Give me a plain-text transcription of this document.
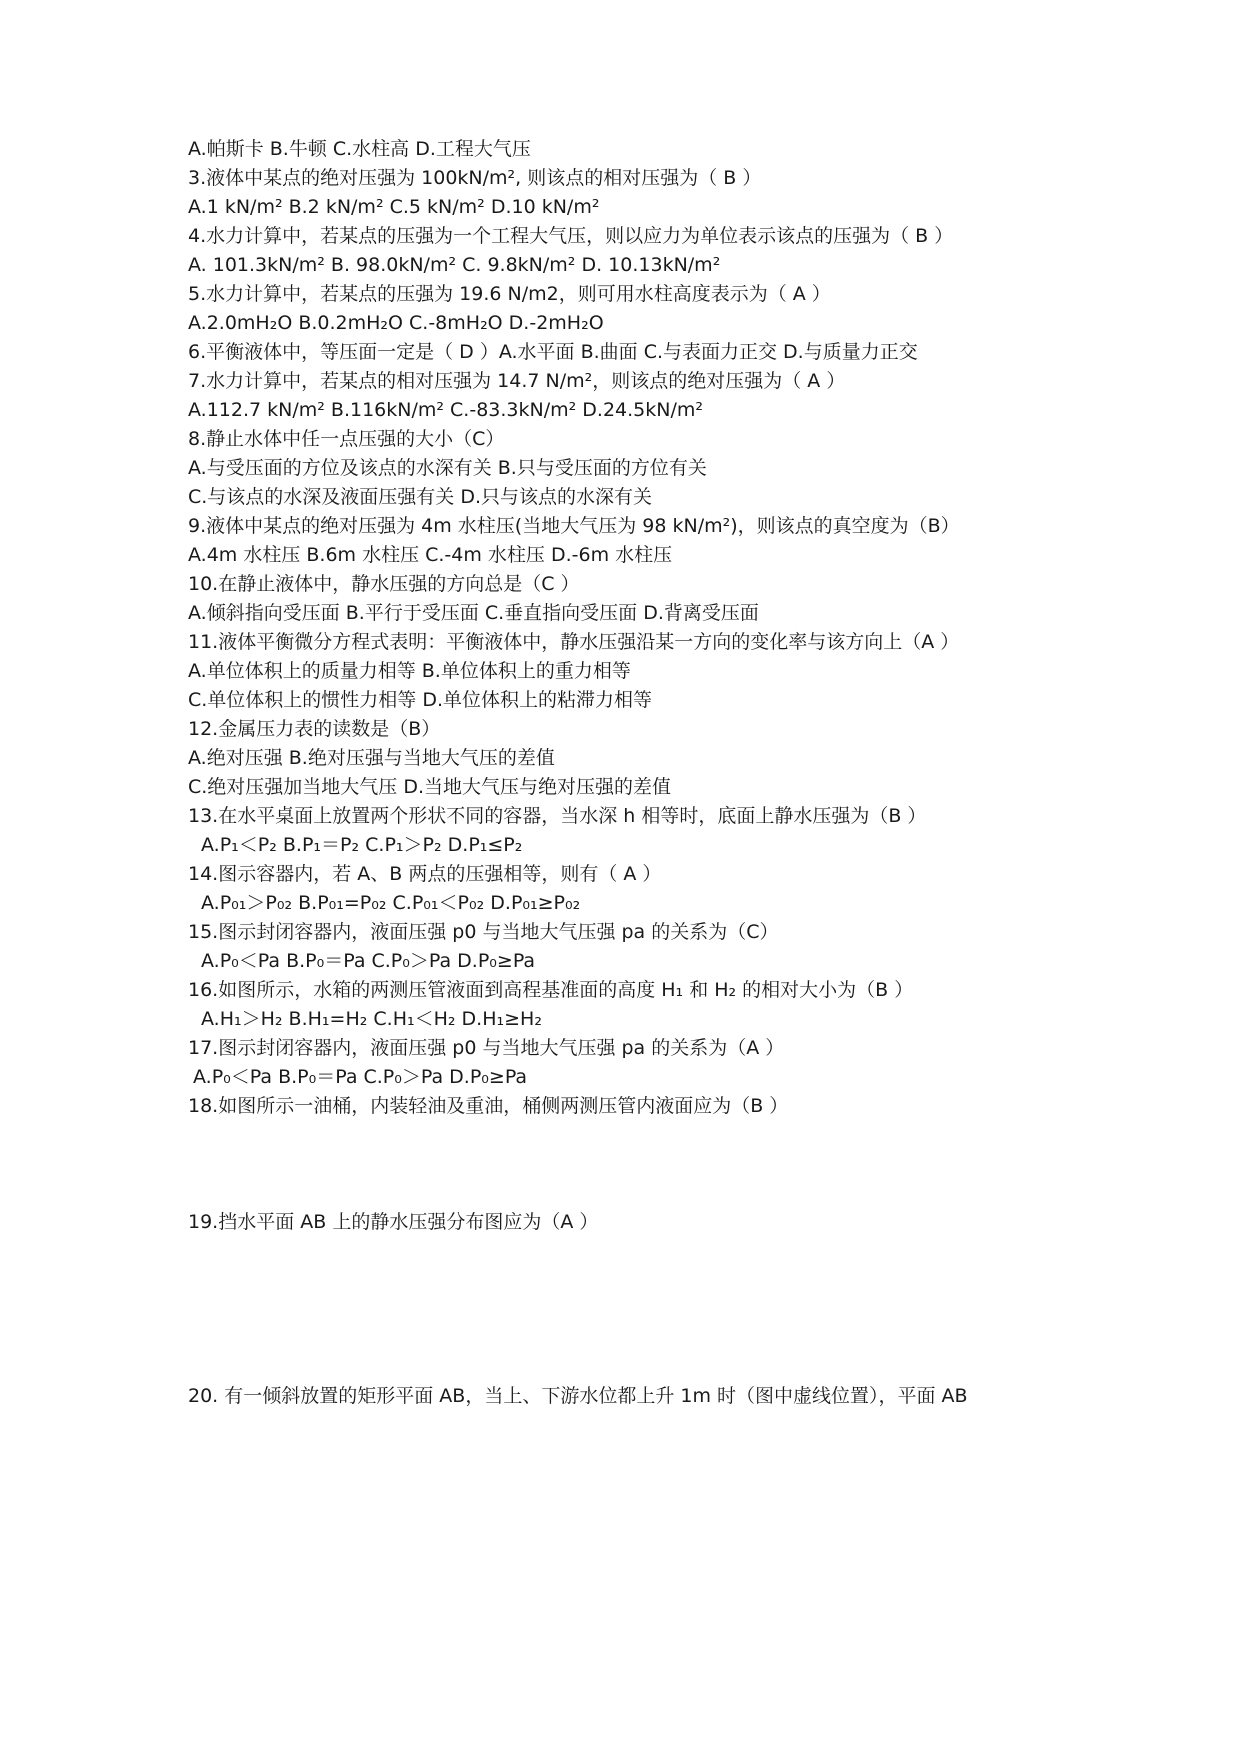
A.帕斯卡 B.牛顿 C.水柱高 D.工程大气压
3.液体中某点的绝对压强为 100kN/m², 则该点的相对压强为（ B ）
A.1 kN/m² B.2 kN/m² C.5 kN/m² D.10 kN/m²
4.水力计算中，若某点的压强为一个工程大气压，则以应力为单位表示该点的压强为（ B ）
A. 101.3kN/m² B. 98.0kN/m² C. 9.8kN/m² D. 10.13kN/m²
5.水力计算中，若某点的压强为 19.6 N/m2，则可用水柱高度表示为（ A ）
A.2.0mH₂O B.0.2mH₂O C.-8mH₂O D.-2mH₂O
6.平衡液体中，等压面一定是（ D ）A.水平面 B.曲面 C.与表面力正交 D.与质量力正交
7.水力计算中，若某点的相对压强为 14.7 N/m²，则该点的绝对压强为（ A ）
A.112.7 kN/m² B.116kN/m² C.-83.3kN/m² D.24.5kN/m²
8.静止水体中任一点压强的大小（C）
A.与受压面的方位及该点的水深有关 B.只与受压面的方位有关
C.与该点的水深及液面压强有关 D.只与该点的水深有关
9.液体中某点的绝对压强为 4m 水柱压(当地大气压为 98 kN/m²)，则该点的真空度为（B）
A.4m 水柱压 B.6m 水柱压 C.-4m 水柱压 D.-6m 水柱压
10.在静止液体中，静水压强的方向总是（C ）
A.倾斜指向受压面 B.平行于受压面 C.垂直指向受压面 D.背离受压面
11.液体平衡微分方程式表明：平衡液体中，静水压强沿某一方向的变化率与该方向上（A ）
A.单位体积上的质量力相等 B.单位体积上的重力相等
C.单位体积上的惯性力相等 D.单位体积上的粘滞力相等
12.金属压力表的读数是（B）
A.绝对压强 B.绝对压强与当地大气压的差值
C.绝对压强加当地大气压 D.当地大气压与绝对压强的差值
13.在水平桌面上放置两个形状不同的容器，当水深 h 相等时，底面上静水压强为（B ）
A.P₁＜P₂ B.P₁＝P₂ C.P₁＞P₂ D.P₁≤P₂
14.图示容器内，若 A、B 两点的压强相等，则有（ A ）
A.P₀₁＞P₀₂ B.P₀₁=P₀₂ C.P₀₁＜P₀₂ D.P₀₁≥P₀₂
15.图示封闭容器内，液面压强 p0 与当地大气压强 pa 的关系为（C）
A.P₀＜Pa B.P₀＝Pa C.P₀＞Pa D.P₀≥Pa
16.如图所示，水箱的两测压管液面到高程基准面的高度 H₁ 和 H₂ 的相对大小为（B ）
A.H₁＞H₂ B.H₁=H₂ C.H₁＜H₂ D.H₁≥H₂
17.图示封闭容器内，液面压强 p0 与当地大气压强 pa 的关系为（A ）
A.P₀＜Pa B.P₀＝Pa C.P₀＞Pa D.P₀≥Pa
18.如图所示一油桶，内装轻油及重油，桶侧两测压管内液面应为（B ）
19.挡水平面 AB 上的静水压强分布图应为（A ）
20. 有一倾斜放置的矩形平面 AB，当上、下游水位都上升 1m 时（图中虚线位置），平面 AB
